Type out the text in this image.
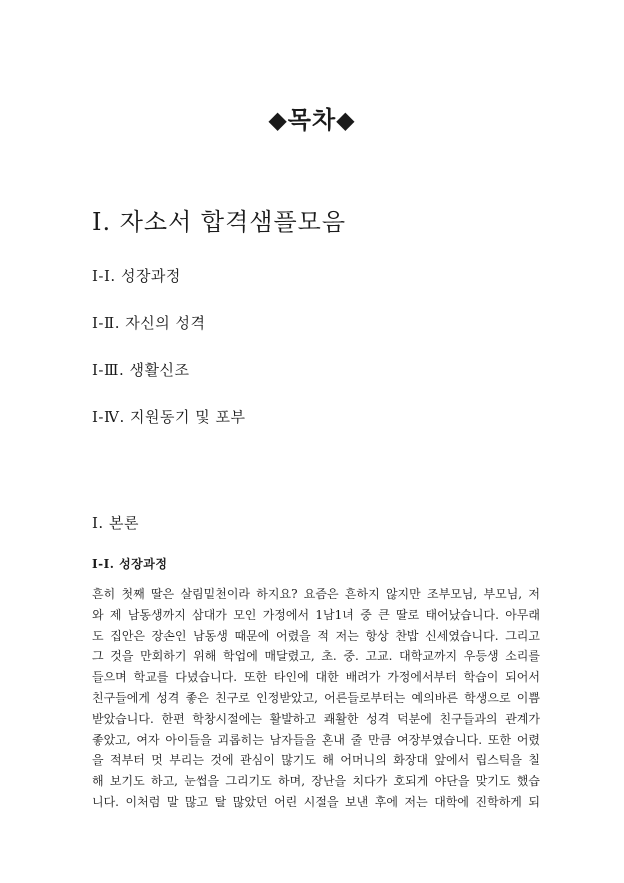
◆목차◆
Ⅰ. 자소서 합격샘플모음
Ⅰ-Ⅰ. 성장과정
Ⅰ-Ⅱ. 자신의 성격
Ⅰ-Ⅲ. 생활신조
Ⅰ-Ⅳ. 지원동기 및 포부
Ⅰ. 본론
Ⅰ-Ⅰ. 성장과정
흔히 첫째 딸은 살림밑천이라 하지요? 요즘은 흔하지 않지만 조부모님, 부모님, 저
와 제 남동생까지 삼대가 모인 가정에서 1남1녀 중 큰 딸로 태어났습니다. 아무래
도 집안은 장손인 남동생 때문에 어렸을 적 저는 항상 찬밥 신세였습니다. 그리고
그 것을 만회하기 위해 학업에 매달렸고, 초. 중. 고교. 대학교까지 우등생 소리를
들으며 학교를 다녔습니다. 또한 타인에 대한 배려가 가정에서부터 학습이 되어서
친구들에게 성격 좋은 친구로 인정받았고, 어른들로부터는 예의바른 학생으로 이쁨
받았습니다. 한편 학창시절에는 활발하고 쾌활한 성격 덕분에 친구들과의 관계가
좋았고, 여자 아이들을 괴롭히는 남자들을 혼내 줄 만큼 여장부였습니다. 또한 어렸
을 적부터 멋 부리는 것에 관심이 많기도 해 어머니의 화장대 앞에서 립스틱을 칠
해 보기도 하고, 눈썹을 그리기도 하며, 장난을 치다가 호되게 야단을 맞기도 했습
니다. 이처럼 말 많고 탈 많았던 어린 시절을 보낸 후에 저는 대학에 진학하게 되
